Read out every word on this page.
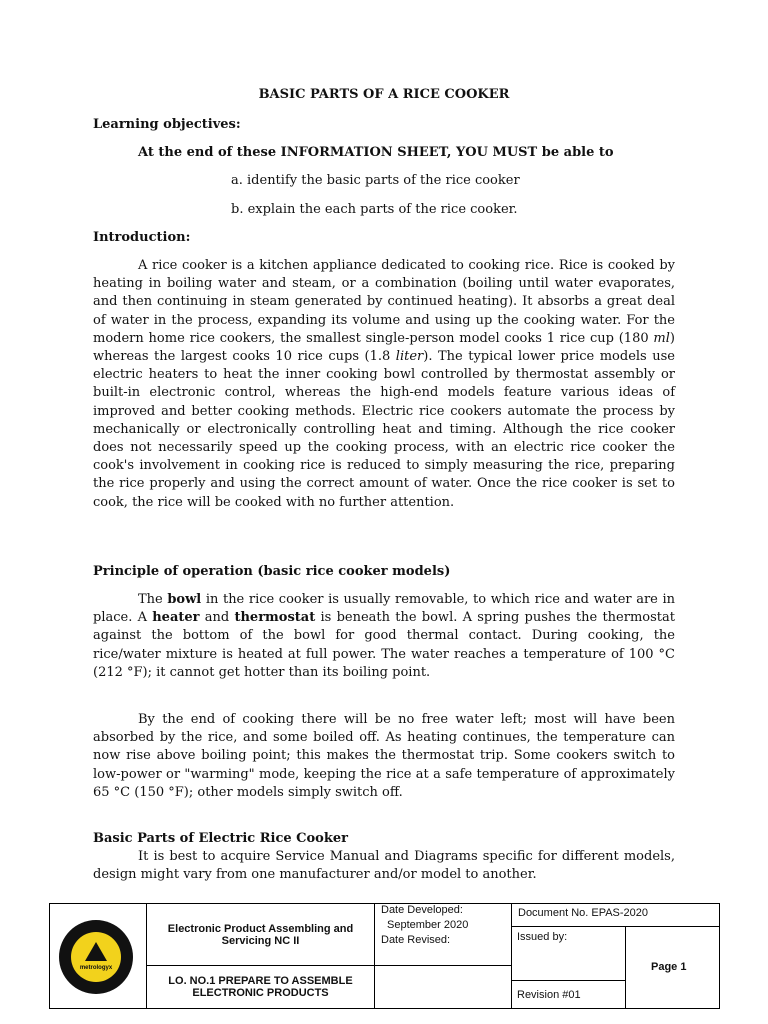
BASIC PARTS OF A RICE COOKER
Learning objectives:
At the end of these INFORMATION SHEET, YOU MUST be able to
a. identify the basic parts of the rice cooker
b. explain the each parts of the rice cooker.
Introduction:
A rice cooker is a kitchen appliance dedicated to cooking rice. Rice is cooked by heating in boiling water and steam, or a combination (boiling until water evaporates, and then continuing in steam generated by continued heating). It absorbs a great deal of water in the process, expanding its volume and using up the cooking water. For the modern home rice cookers, the smallest single-person model cooks 1 rice cup (180 ml) whereas the largest cooks 10 rice cups (1.8 liter). The typical lower price models use electric heaters to heat the inner cooking bowl controlled by thermostat assembly or built-in electronic control, whereas the high-end models feature various ideas of improved and better cooking methods. Electric rice cookers automate the process by mechanically or electronically controlling heat and timing. Although the rice cooker does not necessarily speed up the cooking process, with an electric rice cooker the cook's involvement in cooking rice is reduced to simply measuring the rice, preparing the rice properly and using the correct amount of water. Once the rice cooker is set to cook, the rice will be cooked with no further attention.
Principle of operation (basic rice cooker models)
The bowl in the rice cooker is usually removable, to which rice and water are in place. A heater and thermostat is beneath the bowl. A spring pushes the thermostat against the bottom of the bowl for good thermal contact. During cooking, the rice/water mixture is heated at full power. The water reaches a temperature of 100 °C (212 °F); it cannot get hotter than its boiling point.
By the end of cooking there will be no free water left; most will have been absorbed by the rice, and some boiled off. As heating continues, the temperature can now rise above boiling point; this makes the thermostat trip. Some cookers switch to low-power or "warming" mode, keeping the rice at a safe temperature of approximately 65 °C (150 °F); other models simply switch off.
Basic Parts of Electric Rice Cooker
It is best to acquire Service Manual and Diagrams specific for different models, design might vary from one manufacturer and/or model to another.
metrologyx
Electronic Product Assembling and Servicing NC II
LO. NO.1 PREPARE TO ASSEMBLE ELECTRONIC PRODUCTS
Date Developed:
September 2020
Date Revised:
Document No. EPAS-2020
Issued by:
Page 1
Revision #01
